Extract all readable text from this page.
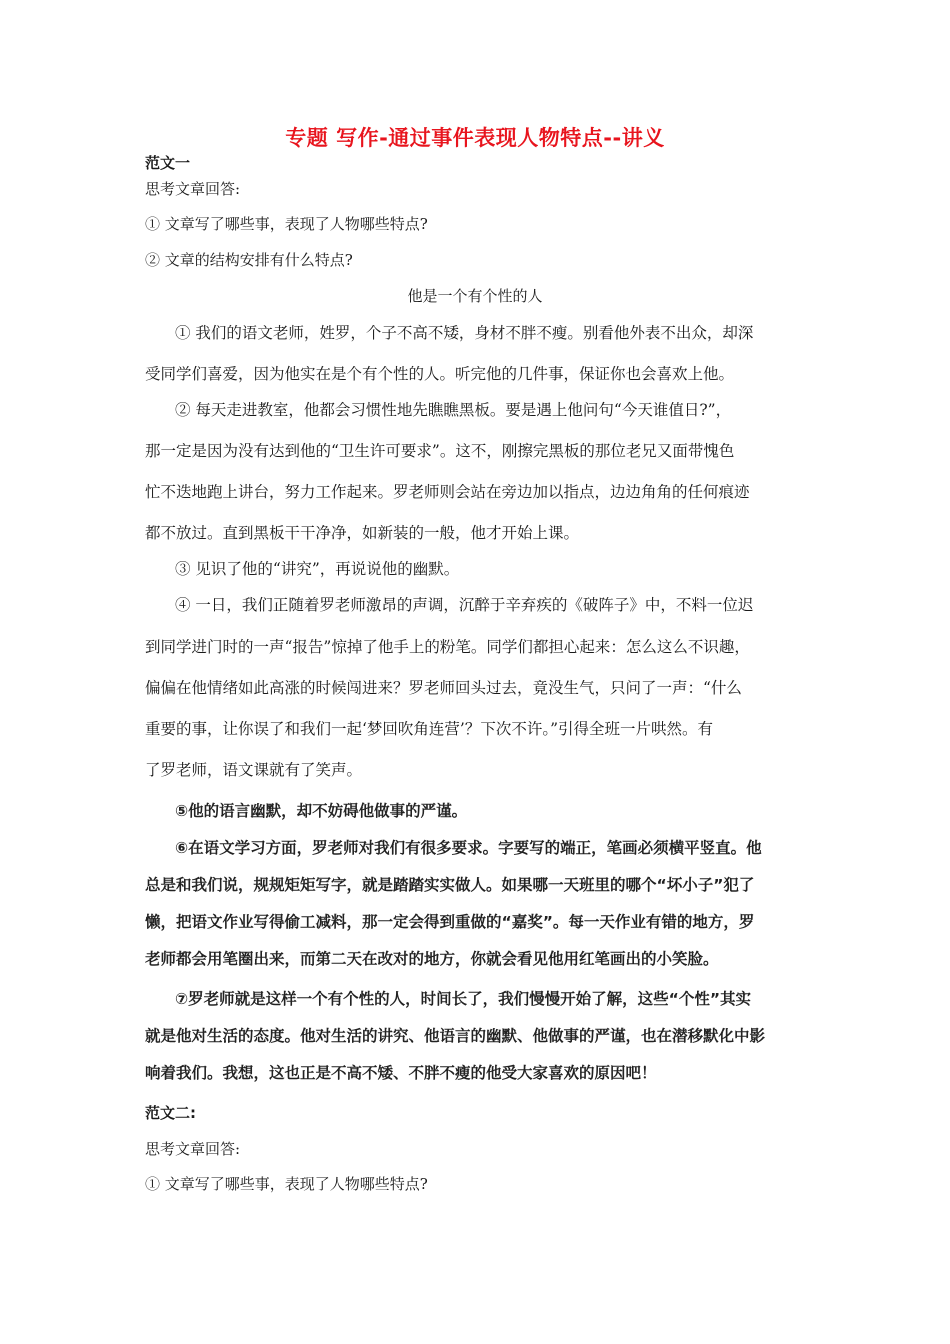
专题 写作-通过事件表现人物特点--讲义
范文一
思考文章回答:
① 文章写了哪些事，表现了人物哪些特点?
② 文章的结构安排有什么特点?
他是一个有个性的人
① 我们的语文老师，姓罗，个子不高不矮，身材不胖不瘦。别看他外表不出众，却深
受同学们喜爱，因为他实在是个有个性的人。听完他的几件事，保证你也会喜欢上他。
② 每天走进教室，他都会习惯性地先瞧瞧黑板。要是遇上他问句“今天谁值日?”，
那一定是因为没有达到他的“卫生许可要求”。这不，刚擦完黑板的那位老兄又面带愧色
忙不迭地跑上讲台，努力工作起来。罗老师则会站在旁边加以指点，边边角角的任何痕迹
都不放过。直到黑板干干净净，如新装的一般，他才开始上课。
③ 见识了他的“讲究”，再说说他的幽默。
④ 一日，我们正随着罗老师激昂的声调，沉醉于辛弃疾的《破阵子》中，不料一位迟
到同学进门时的一声“报告”惊掉了他手上的粉笔。同学们都担心起来：怎么这么不识趣，
偏偏在他情绪如此高涨的时候闯进来？罗老师回头过去，竟没生气，只问了一声：“什么
重要的事，让你误了和我们一起‘梦回吹角连营’？下次不许。”引得全班一片哄然。有
了罗老师，语文课就有了笑声。
⑤他的语言幽默，却不妨碍他做事的严谨。
⑥在语文学习方面，罗老师对我们有很多要求。字要写的端正，笔画必须横平竖直。他
总是和我们说，规规矩矩写字，就是踏踏实实做人。如果哪一天班里的哪个“坏小子”犯了
懒，把语文作业写得偷工减料，那一定会得到重做的“嘉奖”。每一天作业有错的地方，罗
老师都会用笔圈出来，而第二天在改对的地方，你就会看见他用红笔画出的小笑脸。
⑦罗老师就是这样一个有个性的人，时间长了，我们慢慢开始了解，这些“个性”其实
就是他对生活的态度。他对生活的讲究、他语言的幽默、他做事的严谨，也在潜移默化中影
响着我们。我想，这也正是不高不矮、不胖不瘦的他受大家喜欢的原因吧！
范文二:
思考文章回答:
① 文章写了哪些事，表现了人物哪些特点?
